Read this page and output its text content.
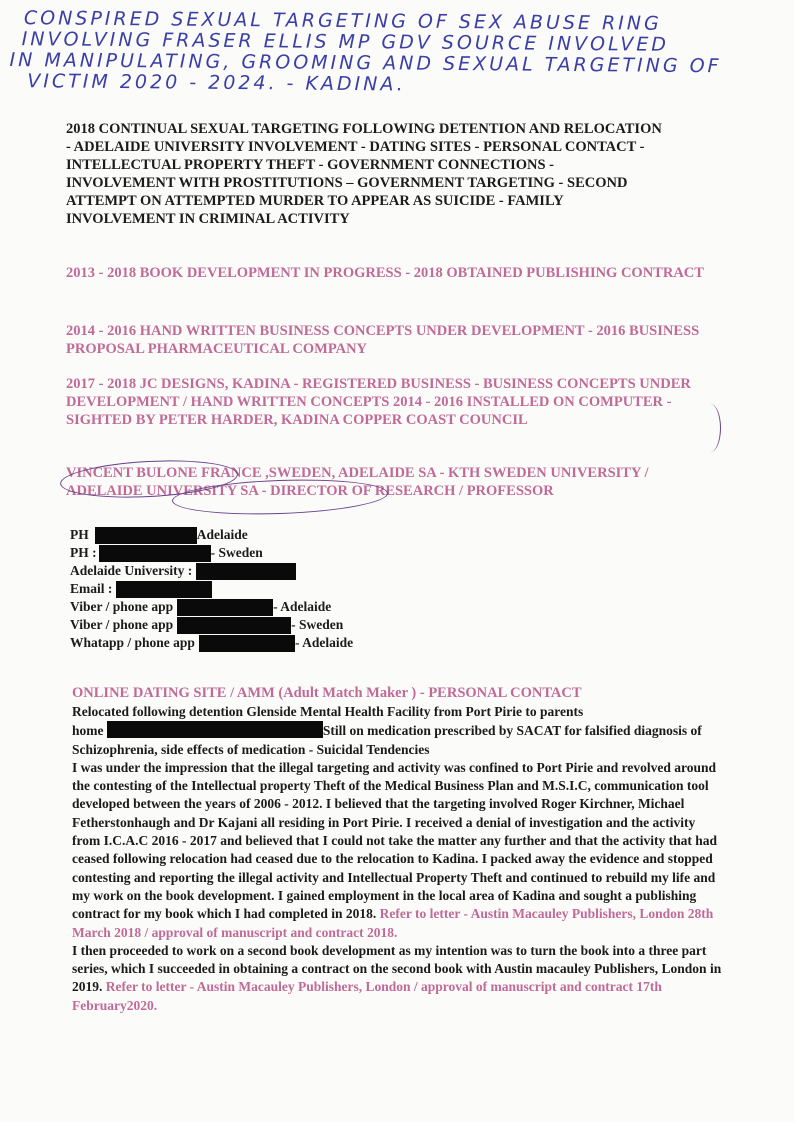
CONSPIRED SEXUAL TARGETING OF SEX ABUSE RING
INVOLVING FRASER ELLIS MP GDV SOURCE INVOLVED
IN MANIPULATING, GROOMING AND SEXUAL TARGETING OF
VICTIM 2020 - 2024. - KADINA.
2018 CONTINUAL SEXUAL TARGETING FOLLOWING DETENTION AND RELOCATION - ADELAIDE UNIVERSITY INVOLVEMENT - DATING SITES - PERSONAL CONTACT - INTELLECTUAL PROPERTY THEFT - GOVERNMENT CONNECTIONS - INVOLVEMENT WITH PROSTITUTIONS – GOVERNMENT TARGETING - SECOND ATTEMPT ON ATTEMPTED MURDER TO APPEAR AS SUICIDE - FAMILY INVOLVEMENT IN CRIMINAL ACTIVITY
2013 - 2018 BOOK DEVELOPMENT IN PROGRESS - 2018 OBTAINED PUBLISHING CONTRACT
2014 - 2016 HAND WRITTEN BUSINESS CONCEPTS UNDER DEVELOPMENT - 2016 BUSINESS PROPOSAL PHARMACEUTICAL COMPANY
2017 - 2018 JC DESIGNS, KADINA - REGISTERED BUSINESS - BUSINESS CONCEPTS UNDER DEVELOPMENT / HAND WRITTEN CONCEPTS 2014 - 2016 INSTALLED ON COMPUTER - SIGHTED BY PETER HARDER, KADINA COPPER COAST COUNCIL
VINCENT BULONE FRANCE ,SWEDEN, ADELAIDE SA - KTH SWEDEN UNIVERSITY / ADELAIDE UNIVERSITY SA - DIRECTOR OF RESEARCH / PROFESSOR
PH	Adelaide
PH :	- Sweden
Adelaide University :
Email :
Viber / phone app	- Adelaide
Viber / phone app	- Sweden
Whatapp / phone app	- Adelaide
ONLINE DATING SITE / AMM (Adult Match Maker ) - PERSONAL CONTACT

Relocated following detention Glenside Mental Health Facility from Port Pirie to parents

home	Still on medication prescribed by SACAT for falsified diagnosis of Schizophrenia, side effects of medication - Suicidal Tendencies

I was under the impression that the illegal targeting and activity was confined to Port Pirie and revolved around the contesting of the Intellectual property Theft of the Medical Business Plan and M.S.I.C, communication tool developed between the years of 2006 - 2012. I believed that the targeting involved Roger Kirchner, Michael Fetherstonhaugh and Dr Kajani all residing in Port Pirie. I received a denial of investigation and the activity from I.C.A.C 2016 - 2017 and believed that I could not take the matter any further and that the activity that had ceased following relocation had ceased due to the relocation to Kadina. I packed away the evidence and stopped contesting and reporting the illegal activity and Intellectual Property Theft and continued to rebuild my life and my work on the book development. I gained employment in the local area of Kadina and sought a publishing contract for my book which I had completed in 2018. Refer to letter - Austin Macauley Publishers, London 28th March 2018 / approval of manuscript and contract 2018.

I then proceeded to work on a second book development as my intention was to turn the book into a three part series, which I succeeded in obtaining a contract on the second book with Austin macauley Publishers, London in 2019. Refer to letter - Austin Macauley Publishers, London / approval of manuscript and contract 17th February2020.
